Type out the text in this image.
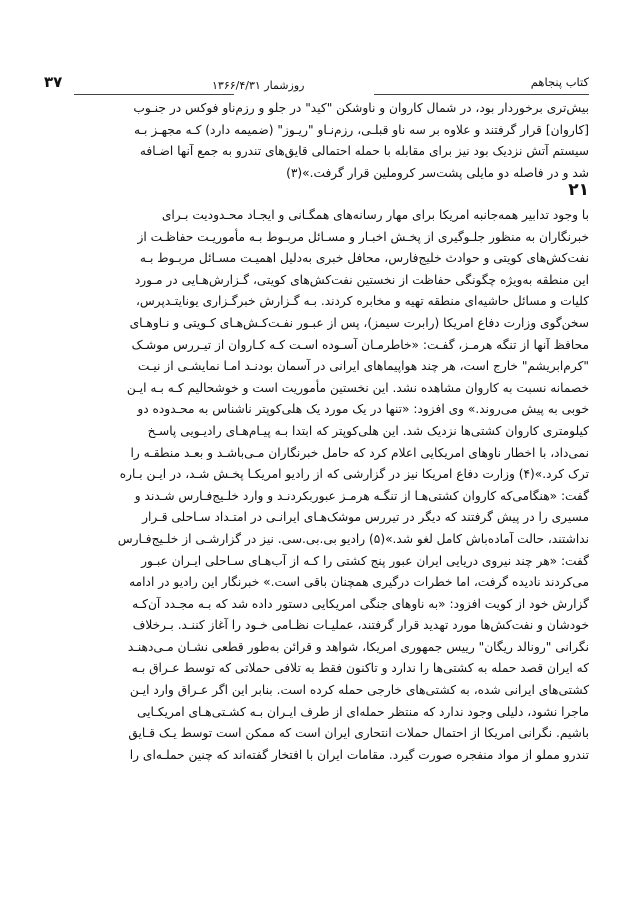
کتاب پنجاهم
روزشمار ۱۳۶۶/۴/۳۱
۳۷

بیش‌تری برخوردار بود، در شمال کاروان و ناوشکن "کید" در جلو و رزم‌ناو فوکس در جنـوب

[کاروان] قرار گرفتند و علاوه بر سه ناو قبلـی، رزم‌نـاو "ریـوز" (ضمیمه دارد) کـه مجهـز بـه

سیستم آتش نزدیک بود نیز برای مقابله با حمله احتمالی قایق‌های تندرو به جمع آنها اضـافه

شد و در فاصله دو مایلی پشت‌سر کروملین قرار گرفت.»(۳)

۲۱

با وجود تدابیر همه‌جانبه امریکا برای مهار رسانه‌های همگـانی و ایجـاد محـدودیت بـرای

خبرنگاران به منظور جلـوگیری از پخـش اخبـار و مسـائل مربـوط بـه مأموریـت حفاظـت از

نفت‌کش‌های کویتی و حوادث خلیج‌فارس، محافل خبری به‌دلیل اهمیـت مسـائل مربـوط بـه

این منطقه به‌ویژه چگونگی حفاظت از نخستین نفت‌کش‌های کویتی، گـزارش‌هـایی در مـورد

کلیات و مسائل حاشیه‌ای منطقه تهیه و مخابره کردند. بـه گـزارش خبرگـزاری یونایتـدپرس،

سخن‌گوی وزارت دفاع امریکا (رابرت سیمز)، پس از عبـور نفـت‌کـش‌هـای کـویتی و نـاوهـای

محافظ آنها از تنگه هرمـز، گفـت: «خاطرمـان آسـوده اسـت کـه کـاروان از تیـررس موشـک

"کرم‌ابریشم" خارج است، هر چند هواپیماهای ایرانی در آسمان بودنـد امـا نمایشـی از نیـت

خصمانه نسبت به کاروان مشاهده نشد. این نخستین مأموریت است و خوشحالیم کـه بـه ایـن

خوبی به پیش می‌روند.» وی افزود: «تنها در یک مورد یک هلی‌کوپتر ناشناس به محـدوده دو

کیلومتری کاروان کشتی‌ها نزدیک شد. این هلی‌کوپتر که ابتدا بـه پیـام‌هـای رادیـویی پاسـخ

نمی‌داد، با اخطار ناوهای امریکایی اعلام کرد که حامل خبرنگاران مـی‌باشـد و بعـد منطقـه را

ترک کرد.»(۴) وزارت دفاع امریکا نیز در گزارشی که از رادیو امریکـا پخـش شـد، در ایـن بـاره

گفت: «هنگامی‌که کاروان کشتی‌هـا از تنگـه هرمـز عبوربکردنـد و وارد خلـیج‌فـارس شـدند و

مسیری را در پیش گرفتند که دیگر در تیررس موشک‌هـای ایرانـی در امتـداد سـاحلی قـرار

نداشتند، حالت آماده‌باش کامل لغو شد.»(۵) رادیو بی.بی.سی. نیز در گزارشـی از خلـیج‌فـارس

گفت: «هر چند نیروی دریایی ایران عبور پنج کشتی را کـه از آب‌هـای سـاحلی ایـران عبـور

می‌کردند نادیده گرفت، اما خطرات درگیری همچنان باقی است.» خبرنگار این رادیو در ادامه

گزارش خود از کویت افزود: «به ناوهای جنگی امریکایی دستور داده شد که بـه مجـدد آن‌کـه

خودشان و نفت‌کش‌ها مورد تهدید قرار گرفتند، عملیـات نظـامی خـود را آغاز کننـد. بـرخلاف

نگرانی "رونالد ریگان" رییس جمهوری امریکا، شواهد و قرائن به‌طور قطعی نشـان مـی‌دهنـد

که ایران قصد حمله به کشتی‌ها را ندارد و تاکنون فقط به تلافی حملاتی که توسط عـراق بـه

کشتی‌های ایرانی شده، به کشتی‌های خارجی حمله کرده است. بنابر این اگر عـراق وارد ایـن

ماجرا نشود، دلیلی وجود ندارد که منتظر حمله‌ای از طرف ایـران بـه کشـتی‌هـای امریکـایی

باشیم. نگرانی امریکا از احتمال حملات انتحاری ایران است که ممکن است توسط یـک قـایق

تندرو مملو از مواد منفجره صورت گیرد. مقامات ایران با افتخار گفته‌اند که چنین حملـه‌ای را
